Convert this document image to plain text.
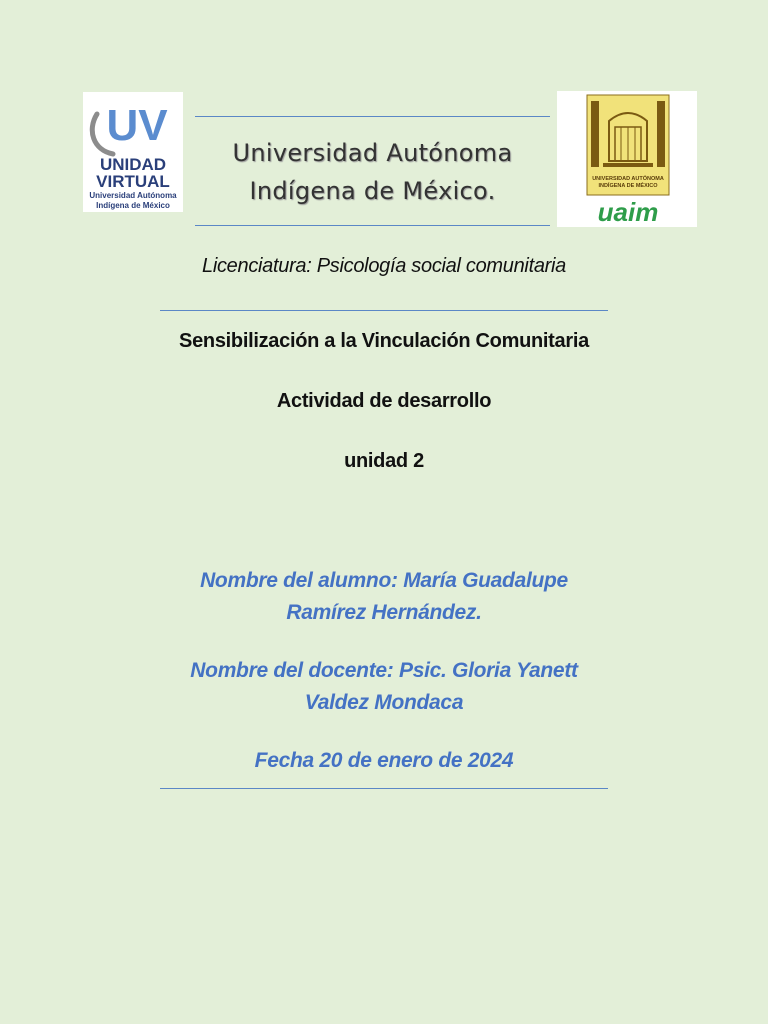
UV
UNIDAD
VIRTUAL
Universidad Autónoma
Indígena de México
Universidad Autónoma
Indígena de México.	UNIVERSIDAD AUTÓNOMA
INDÍGENA DE MÉXICO
uaim
Licenciatura: Psicología social comunitaria
Sensibilización a la Vinculación Comunitaria
Actividad de desarrollo
unidad 2
Nombre del alumno: María Guadalupe
Ramírez Hernández.
Nombre del docente: Psic. Gloria Yanett
Valdez Mondaca
Fecha 20 de enero de 2024
